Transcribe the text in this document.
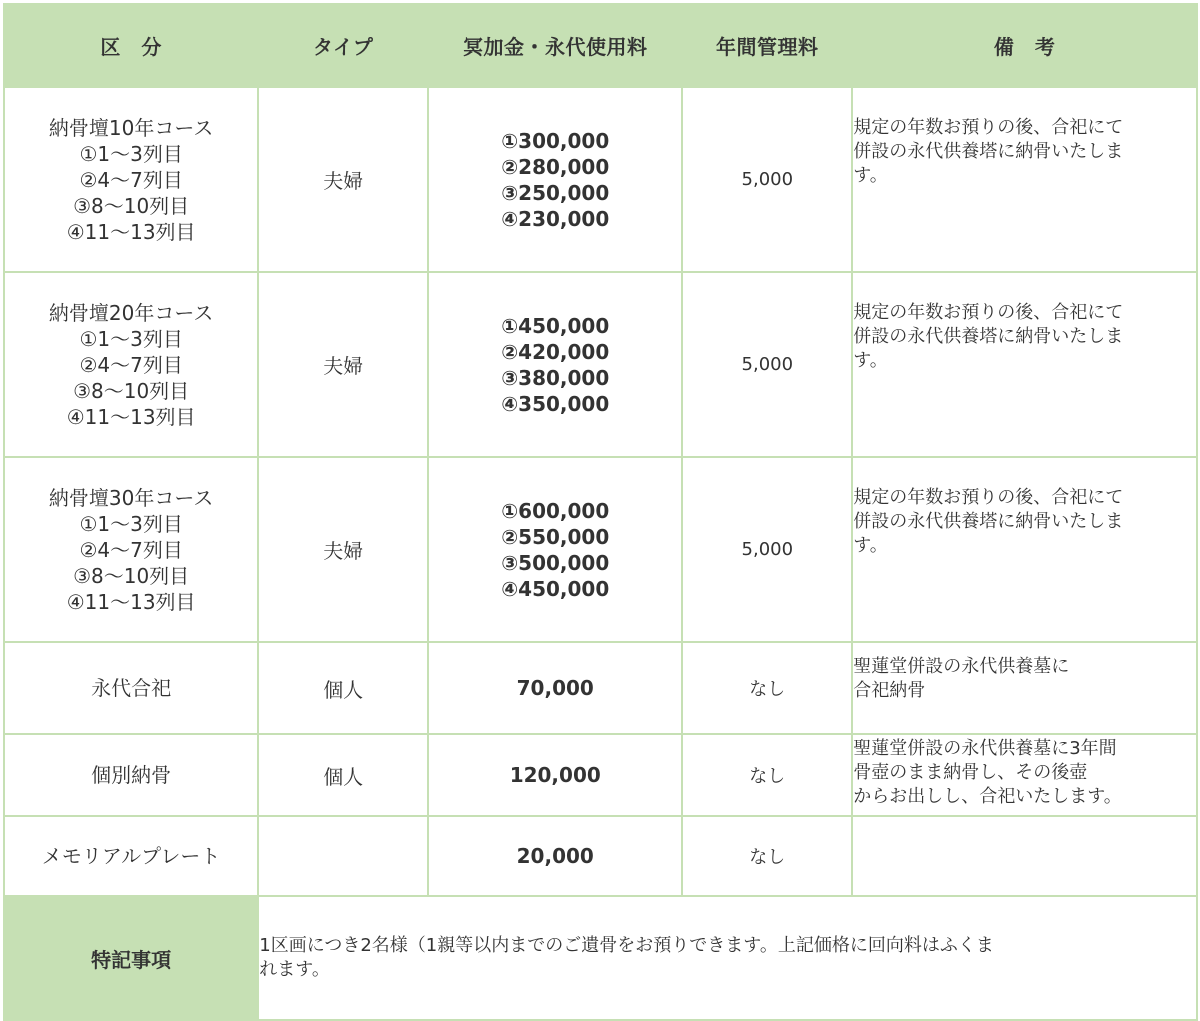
区　分	タイプ	冥加金・永代使用料	年間管理料	備　考

納骨壇10年コース
①1～3列目
②4～7列目
③8～10列目
④11～13列目	夫婦	①300,000
②280,000
③250,000
④230,000	5,000	規定の年数お預りの後、合祀にて
併設の永代供養塔に納骨いたしま
す。

納骨壇20年コース
①1～3列目
②4～7列目
③8～10列目
④11～13列目	夫婦	①450,000
②420,000
③380,000
④350,000	5,000	規定の年数お預りの後、合祀にて
併設の永代供養塔に納骨いたしま
す。

納骨壇30年コース
①1～3列目
②4～7列目
③8～10列目
④11～13列目	夫婦	①600,000
②550,000
③500,000
④450,000	5,000	規定の年数お預りの後、合祀にて
併設の永代供養塔に納骨いたしま
す。

永代合祀	個人	70,000	なし	聖蓮堂併設の永代供養墓に
合祀納骨

個別納骨	個人	120,000	なし	聖蓮堂併設の永代供養墓に3年間
骨壺のまま納骨し、その後壺
からお出しし、合祀いたします。

メモリアルプレート		20,000	なし	
特記事項	1区画につき2名様（1親等以内までのご遺骨をお預りできます。上記価格に回向料はふくま
れます。			
